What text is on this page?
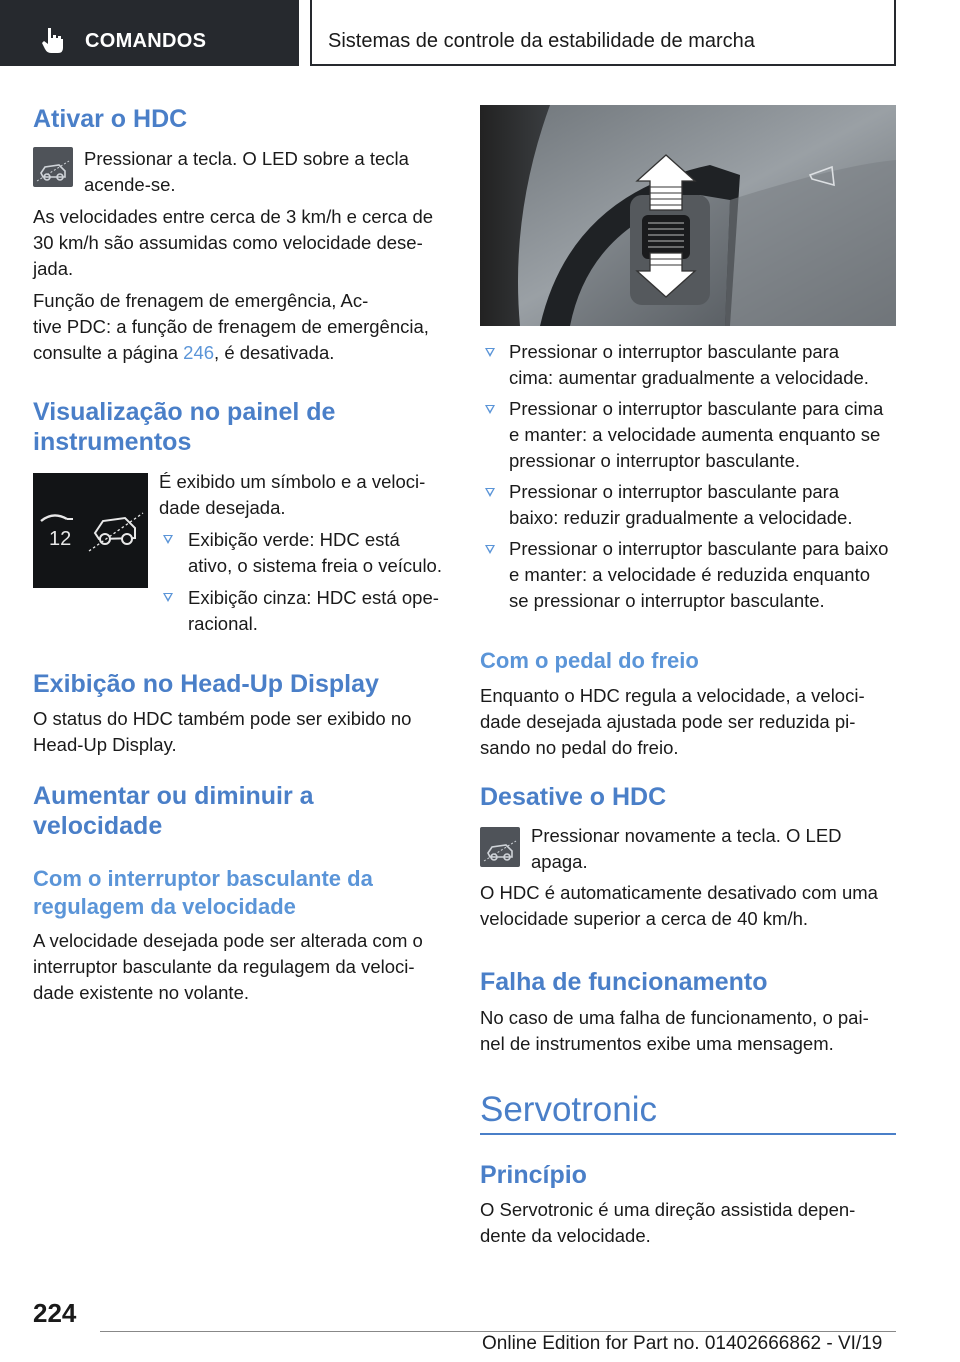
COMANDOS	Sistemas de controle da estabilidade de marcha
Ativar o HDC

Pressionar a tecla. O LED sobre a tecla

acende-se.

As velocidades entre cerca de 3 km/h e cerca de

30 km/h são assumidas como velocidade dese‐

jada.

Função de frenagem de emergência, Ac‐

tive PDC: a função de frenagem de emergência,

consulte a página 246, é desativada.

Visualização no painel de
instrumentos
12

É exibido um símbolo e a veloci‐

dade desejada.

Exibição verde: HDC está

ativo, o sistema freia o veículo.

Exibição cinza: HDC está ope‐

racional.

Exibição no Head-Up Display

O status do HDC também pode ser exibido no

Head-Up Display.

Aumentar ou diminuir a
velocidade
Com o interruptor basculante da
regulagem da velocidade

A velocidade desejada pode ser alterada com o

interruptor basculante da regulagem da veloci‐

dade existente no volante.

Pressionar o interruptor basculante para

cima: aumentar gradualmente a velocidade.

Pressionar o interruptor basculante para cima

e manter: a velocidade aumenta enquanto se

pressionar o interruptor basculante.

Pressionar o interruptor basculante para

baixo: reduzir gradualmente a velocidade.

Pressionar o interruptor basculante para baixo

e manter: a velocidade é reduzida enquanto

se pressionar o interruptor basculante.

Com o pedal do freio

Enquanto o HDC regula a velocidade, a veloci‐

dade desejada ajustada pode ser reduzida pi‐

sando no pedal do freio.

Desative o HDC

Pressionar novamente a tecla. O LED

apaga.

O HDC é automaticamente desativado com uma

velocidade superior a cerca de 40 km/h.

Falha de funcionamento

No caso de uma falha de funcionamento, o pai‐

nel de instrumentos exibe uma mensagem.

Servotronic
Princípio

O Servotronic é uma direção assistida depen‐

dente da velocidade.

224
Online Edition for Part no. 01402666862 - VI/19
